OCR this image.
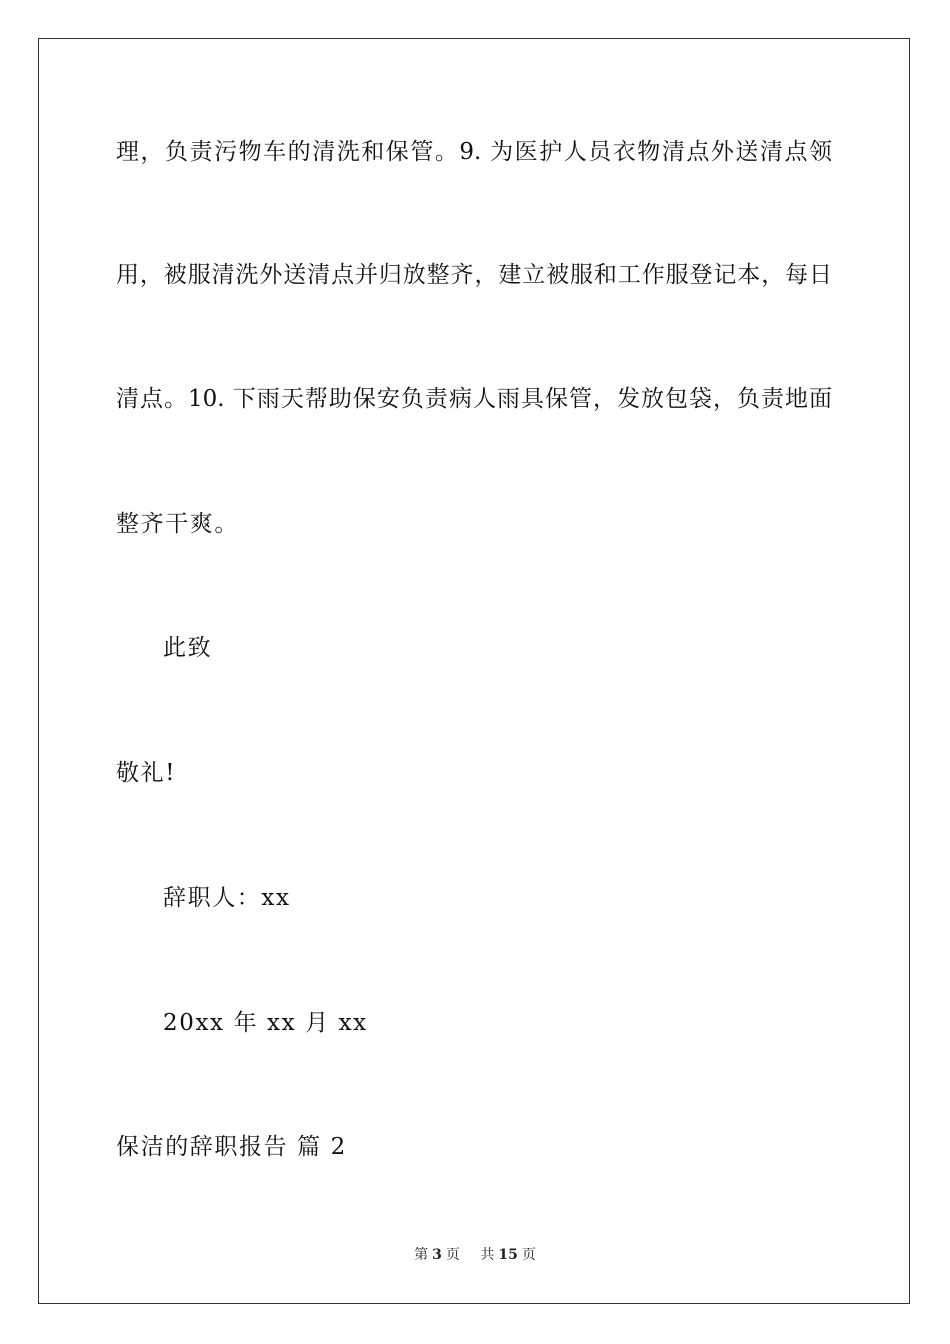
理，负责污物车的清洗和保管。9. 为医护人员衣物清点外送清点领
用，被服清洗外送清点并归放整齐，建立被服和工作服登记本，每日
清点。10. 下雨天帮助保安负责病人雨具保管，发放包袋，负责地面
整齐干爽。
此致
敬礼!
辞职人：xx
20xx 年 xx 月 xx
保洁的辞职报告 篇 2
第 3 页 共 15 页
